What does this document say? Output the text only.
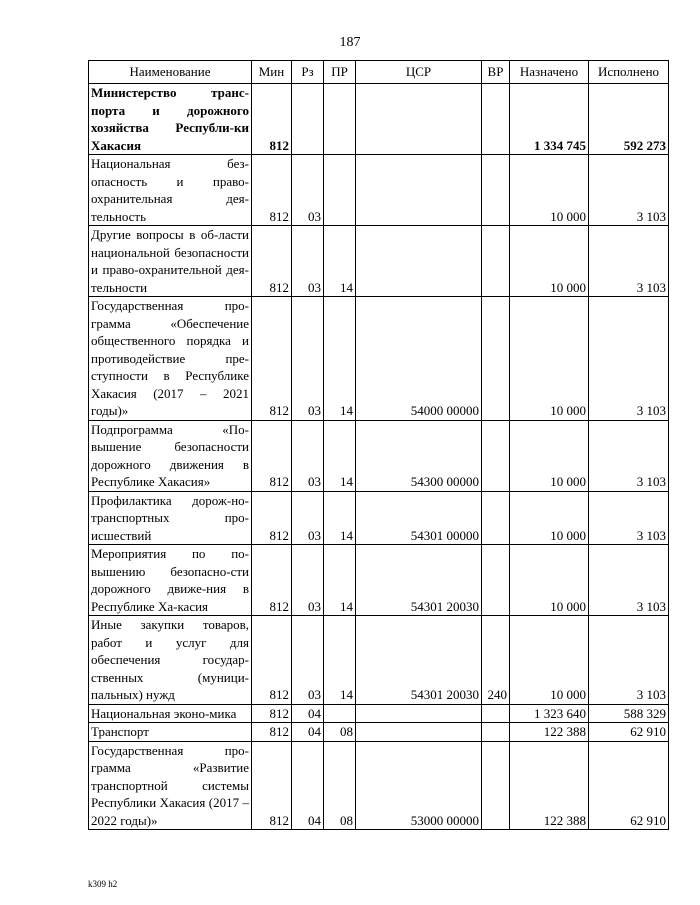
187
Наименование	Мин	Рз	ПР	ЦСР	ВР	Назначено	Исполнено
Министерство транс-порта и дорожного хозяйства Республи-ки Хакасия	812					1 334 745	592 273
Национальная без-опасность и право-охранительная дея-тельность	812	03				10 000	3 103
Другие вопросы в об-ласти национальной безопасности и право-охранительной дея-тельности	812	03	14			10 000	3 103
Государственная про-грамма «Обеспечение общественного порядка и противодействие пре-ступности в Республике Хакасия (2017 – 2021 годы)»	812	03	14	54000 00000		10 000	3 103
Подпрограмма «По-вышение безопасности дорожного движения в Республике Хакасия»	812	03	14	54300 00000		10 000	3 103
Профилактика дорож-но-транспортных про-исшествий	812	03	14	54301 00000		10 000	3 103
Мероприятия по по-вышению безопасно-сти дорожного движе-ния в Республике Ха-касия	812	03	14	54301 20030		10 000	3 103
Иные закупки товаров, работ и услуг для обеспечения государ-ственных (муници-пальных) нужд	812	03	14	54301 20030	240	10 000	3 103
Национальная эконо-мика	812	04				1 323 640	588 329
Транспорт	812	04	08			122 388	62 910
Государственная про-грамма «Развитие транспортной системы Республики Хакасия (2017 – 2022 годы)»	812	04	08	53000 00000		122 388	62 910
k309 h2
